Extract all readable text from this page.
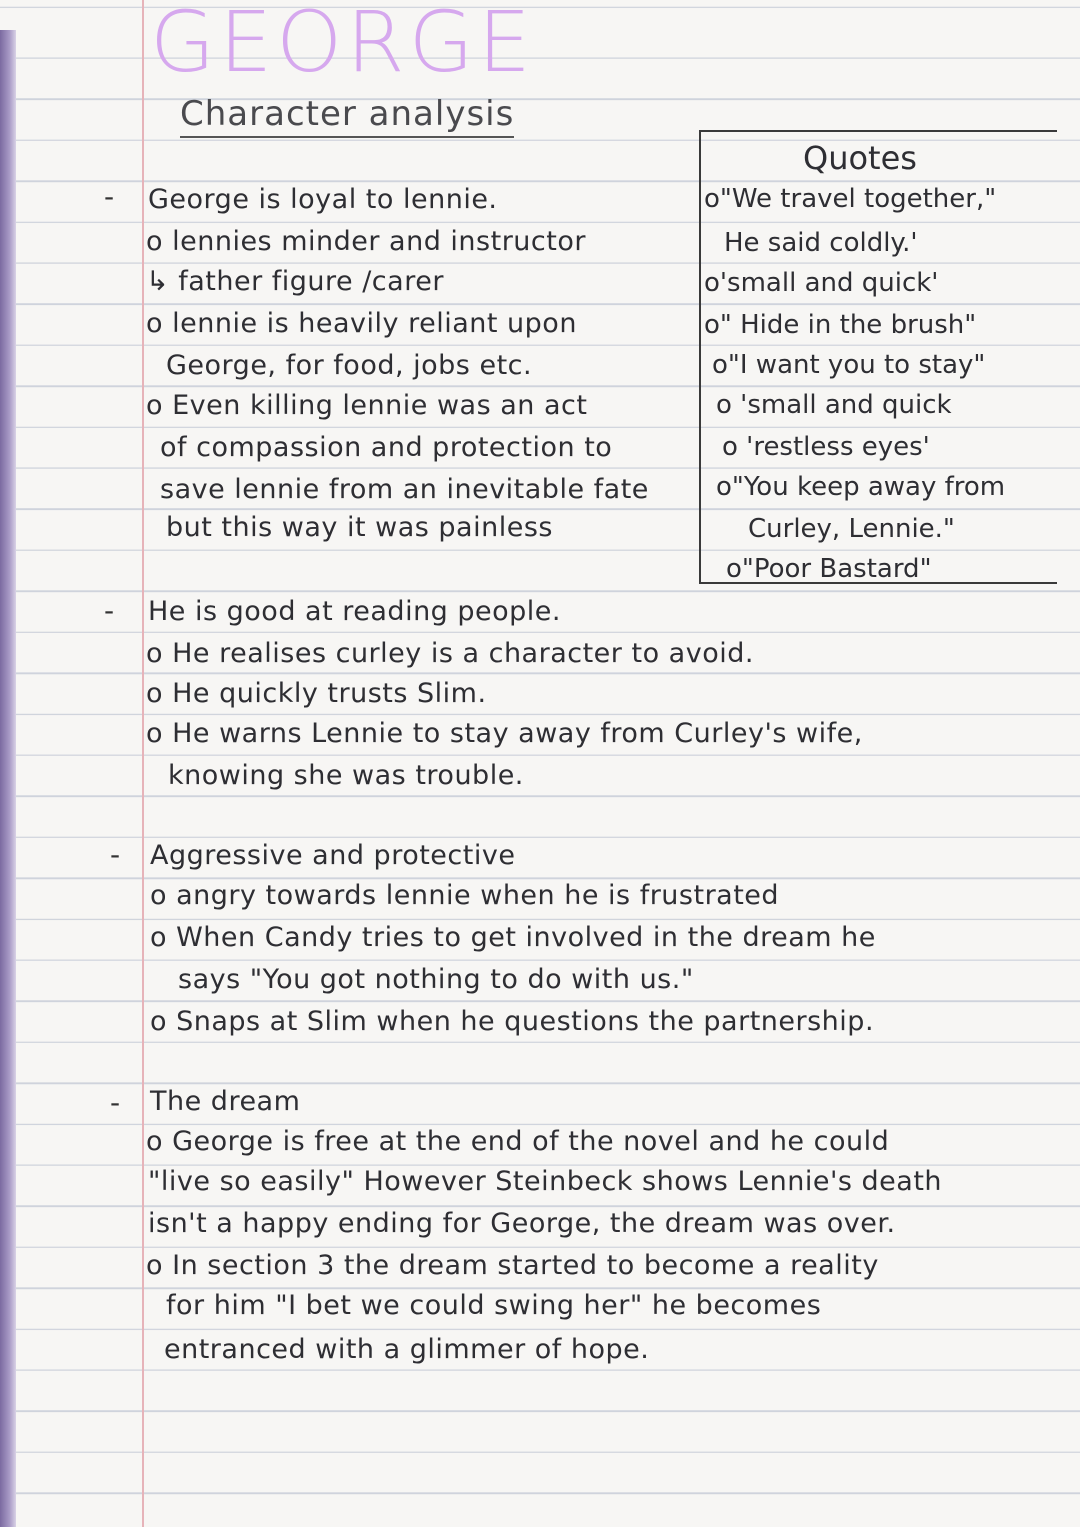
GEORGE
Character analysis
Quotes
o"We travel together,"
He said coldly.'
o'small and quick'
o" Hide in the brush"
o"I want you to stay"
o 'small and quick
o 'restless eyes'
o"You keep away from
Curley, Lennie."
o"Poor Bastard"
- George is loyal to lennie.
o lennies minder and instructor
↳ father figure /carer
o lennie is heavily reliant upon
George, for food, jobs etc.
o Even killing lennie was an act
of compassion and protection to
save lennie from an inevitable fate
but this way it was painless
- He is good at reading people.
o He realises curley is a character to avoid.
o He quickly trusts Slim.
o He warns Lennie to stay away from Curley's wife,
knowing she was trouble.
- Aggressive and protective
o angry towards lennie when he is frustrated
o When Candy tries to get involved in the dream he
says "You got nothing to do with us."
o Snaps at Slim when he questions the partnership.
- The dream
o George is free at the end of the novel and he could
"live so easily" However Steinbeck shows Lennie's death
isn't a happy ending for George, the dream was over.
o In section 3 the dream started to become a reality
for him "I bet we could swing her" he becomes
entranced with a glimmer of hope.
